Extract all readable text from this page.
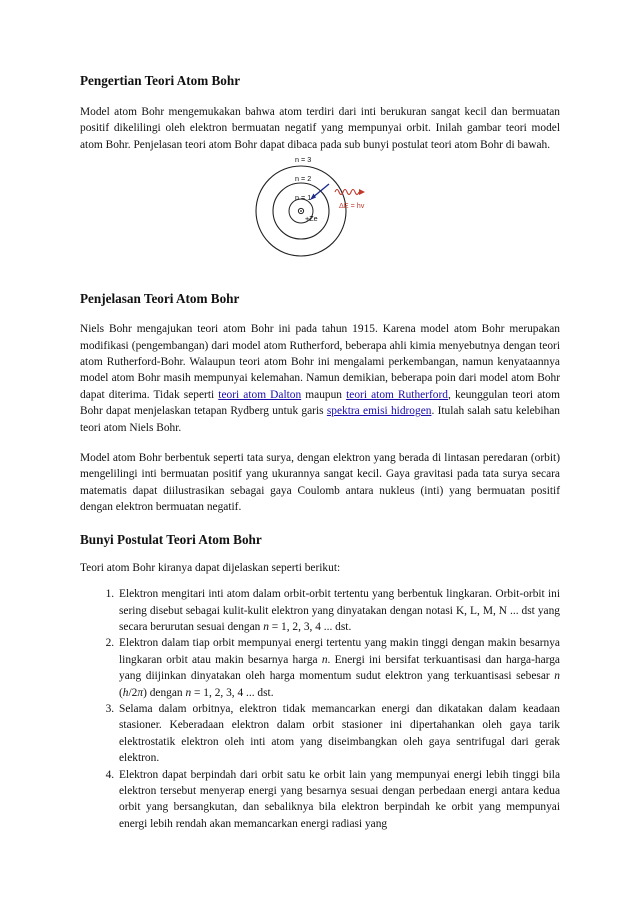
Pengertian Teori Atom Bohr

Model atom Bohr mengemukakan bahwa atom terdiri dari inti berukuran sangat kecil dan bermuatan positif dikelilingi oleh elektron bermuatan negatif yang mempunyai orbit. Inilah gambar teori model atom Bohr. Penjelasan teori atom Bohr dapat dibaca pada sub bunyi postulat teori atom Bohr di bawah.

n = 3
n = 2
n = 1
+Ze
ΔE = hv
Penjelasan Teori Atom Bohr

Niels Bohr mengajukan teori atom Bohr ini pada tahun 1915. Karena model atom Bohr merupakan modifikasi (pengembangan) dari model atom Rutherford, beberapa ahli kimia menyebutnya dengan teori atom Rutherford-Bohr. Walaupun teori atom Bohr ini mengalami perkembangan, namun kenyataannya model atom Bohr masih mempunyai kelemahan. Namun demikian, beberapa poin dari model atom Bohr dapat diterima. Tidak seperti teori atom Dalton maupun teori atom Rutherford, keunggulan teori atom Bohr dapat menjelaskan tetapan Rydberg untuk garis spektra emisi hidrogen. Itulah salah satu kelebihan teori atom Niels Bohr.

Model atom Bohr berbentuk seperti tata surya, dengan elektron yang berada di lintasan peredaran (orbit) mengelilingi inti bermuatan positif yang ukurannya sangat kecil. Gaya gravitasi pada tata surya secara matematis dapat diilustrasikan sebagai gaya Coulomb antara nukleus (inti) yang bermuatan positif dengan elektron bermuatan negatif.

Bunyi Postulat Teori Atom Bohr

Teori atom Bohr kiranya dapat dijelaskan seperti berikut:

1. Elektron mengitari inti atom dalam orbit-orbit tertentu yang berbentuk lingkaran. Orbit-orbit ini sering disebut sebagai kulit-kulit elektron yang dinyatakan dengan notasi K, L, M, N ... dst yang secara berurutan sesuai dengan n = 1, 2, 3, 4 ... dst.
2. Elektron dalam tiap orbit mempunyai energi tertentu yang makin tinggi dengan makin besarnya lingkaran orbit atau makin besarnya harga n. Energi ini bersifat terkuantisasi dan harga-harga yang diijinkan dinyatakan oleh harga momentum sudut elektron yang terkuantisasi sebesar n (h/2π) dengan n = 1, 2, 3, 4 ... dst.
3. Selama dalam orbitnya, elektron tidak memancarkan energi dan dikatakan dalam keadaan stasioner. Keberadaan elektron dalam orbit stasioner ini dipertahankan oleh gaya tarik elektrostatik elektron oleh inti atom yang diseimbangkan oleh gaya sentrifugal dari gerak elektron.
4. Elektron dapat berpindah dari orbit satu ke orbit lain yang mempunyai energi lebih tinggi bila elektron tersebut menyerap energi yang besarnya sesuai dengan perbedaan energi antara kedua orbit yang bersangkutan, dan sebaliknya bila elektron berpindah ke orbit yang mempunyai energi lebih rendah akan memancarkan energi radiasi yang
